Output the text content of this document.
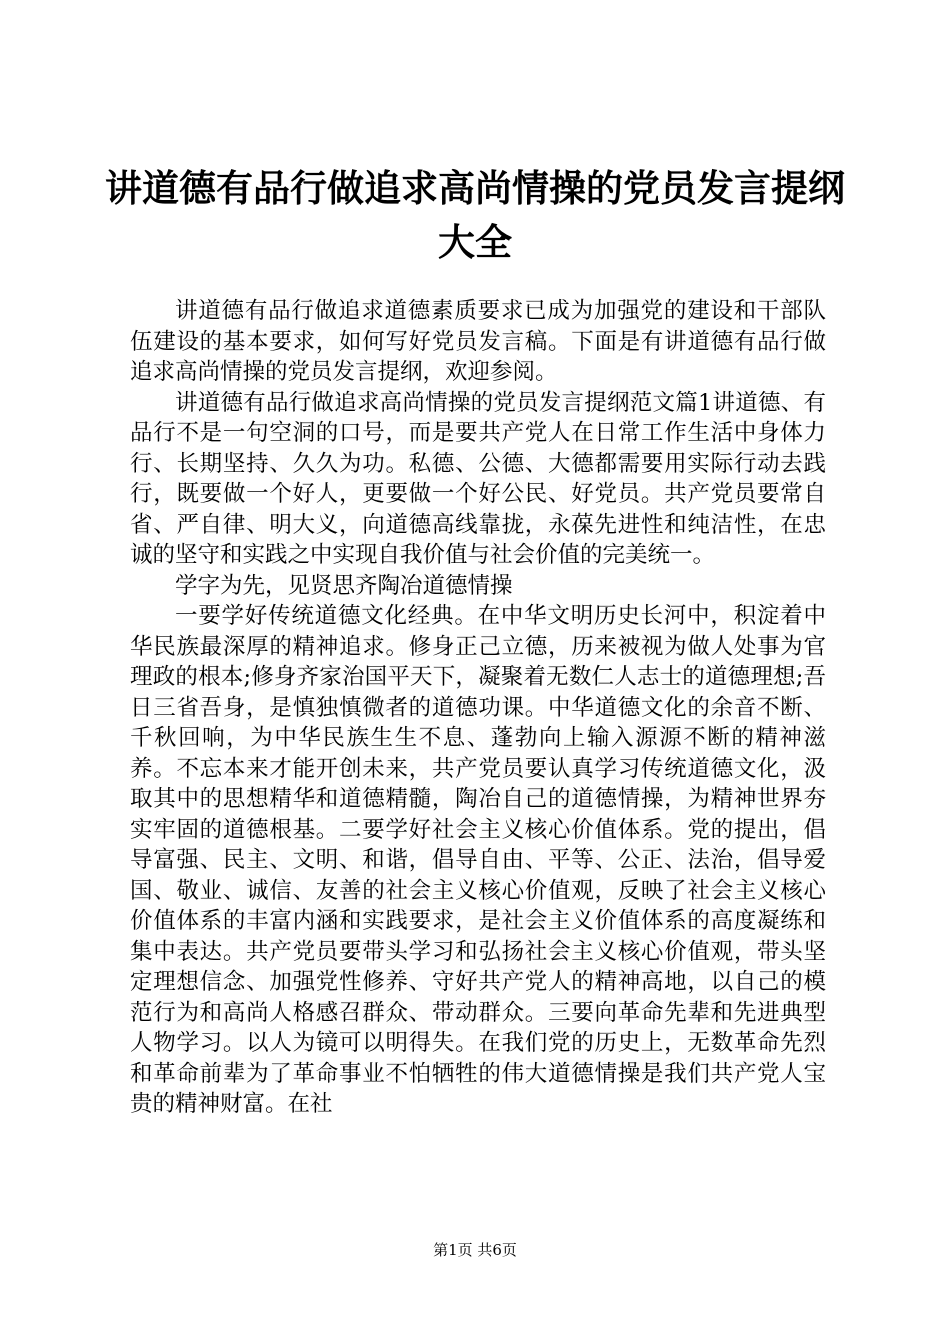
讲道德有品行做追求高尚情操的党员发言提纲大全

讲道德有品行做追求道德素质要求已成为加强党的建设和干部队伍建设的基本要求，如何写好党员发言稿。下面是有讲道德有品行做追求高尚情操的党员发言提纲，欢迎参阅。

讲道德有品行做追求高尚情操的党员发言提纲范文篇1讲道德、有品行不是一句空洞的口号，而是要共产党人在日常工作生活中身体力行、长期坚持、久久为功。私德、公德、大德都需要用实际行动去践行，既要做一个好人，更要做一个好公民、好党员。共产党员要常自省、严自律、明大义，向道德高线靠拢，永葆先进性和纯洁性，在忠诚的坚守和实践之中实现自我价值与社会价值的完美统一。

学字为先，见贤思齐陶冶道德情操

一要学好传统道德文化经典。在中华文明历史长河中，积淀着中华民族最深厚的精神追求。修身正己立德，历来被视为做人处事为官理政的根本;修身齐家治国平天下，凝聚着无数仁人志士的道德理想;吾日三省吾身，是慎独慎微者的道德功课。中华道德文化的余音不断、千秋回响，为中华民族生生不息、蓬勃向上输入源源不断的精神滋养。不忘本来才能开创未来，共产党员要认真学习传统道德文化，汲取其中的思想精华和道德精髓，陶冶自己的道德情操，为精神世界夯实牢固的道德根基。二要学好社会主义核心价值体系。党的提出，倡导富强、民主、文明、和谐，倡导自由、平等、公正、法治，倡导爱国、敬业、诚信、友善的社会主义核心价值观，反映了社会主义核心价值体系的丰富内涵和实践要求，是社会主义价值体系的高度凝练和集中表达。共产党员要带头学习和弘扬社会主义核心价值观，带头坚定理想信念、加强党性修养、守好共产党人的精神高地，以自己的模范行为和高尚人格感召群众、带动群众。三要向革命先辈和先进典型人物学习。以人为镜可以明得失。在我们党的历史上，无数革命先烈和革命前辈为了革命事业不怕牺牲的伟大道德情操是我们共产党人宝贵的精神财富。在社

第1页 共6页
